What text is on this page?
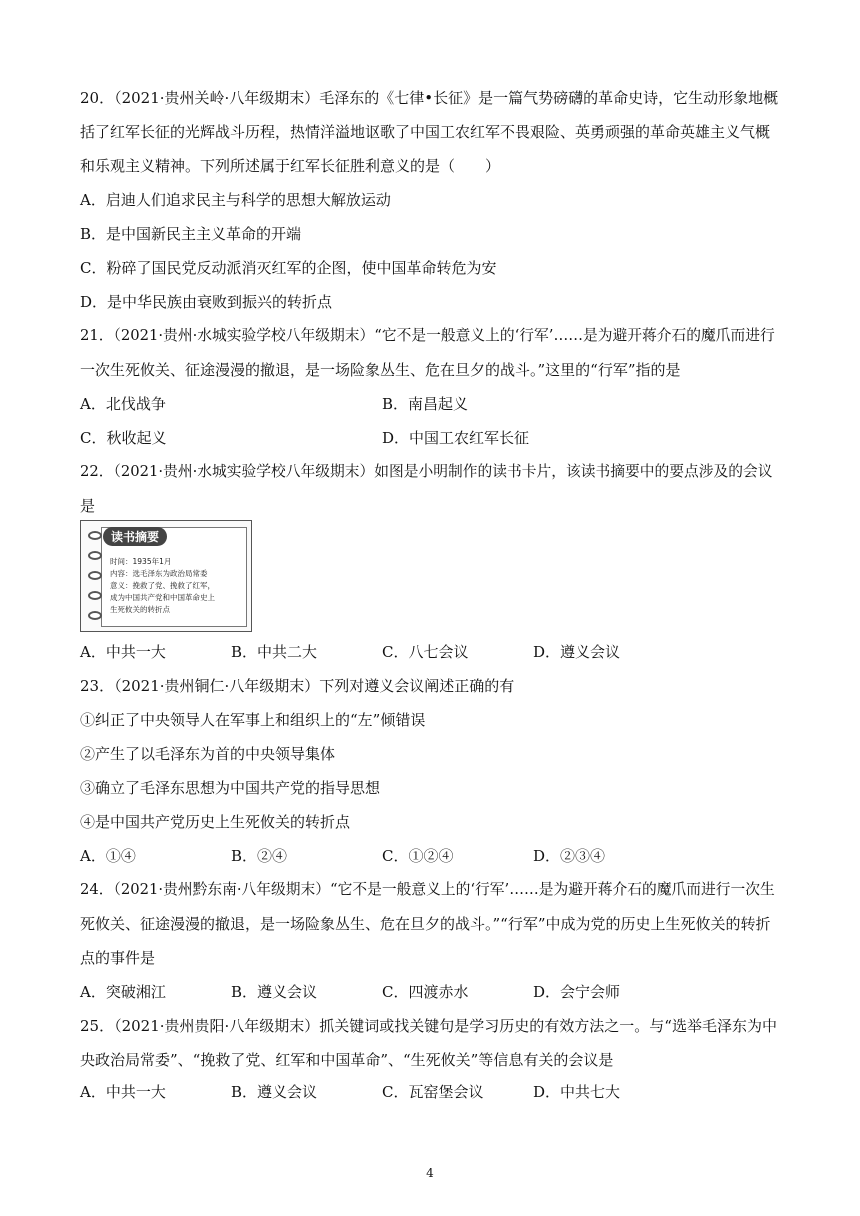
20．（2021·贵州关岭·八年级期末）毛泽东的《七律•长征》是一篇气势磅礴的革命史诗，它生动形象地概
括了红军长征的光辉战斗历程，热情洋溢地讴歌了中国工农红军不畏艰险、英勇顽强的革命英雄主义气概
和乐观主义精神。下列所述属于红军长征胜利意义的是（　　）
A．启迪人们追求民主与科学的思想大解放运动
B．是中国新民主主义革命的开端
C．粉碎了国民党反动派消灭红军的企图，使中国革命转危为安
D．是中华民族由衰败到振兴的转折点
21．（2021·贵州·水城实验学校八年级期末）“它不是一般意义上的‘行军’……是为避开蒋介石的魔爪而进行
一次生死攸关、征途漫漫的撤退，是一场险象丛生、危在旦夕的战斗。”这里的“行军”指的是
A．北伐战争	B．南昌起义
C．秋收起义	D．中国工农红军长征
22．（2021·贵州·水城实验学校八年级期末）如图是小明制作的读书卡片，该读书摘要中的要点涉及的会议
是
读书摘要
时间：1935年1月
内容：选毛泽东为政治局常委
意义：挽救了党、挽救了红军，
成为中国共产党和中国革命史上
生死攸关的转折点
A．中共一大	B．中共二大	C．八七会议	D．遵义会议
23．（2021·贵州铜仁·八年级期末）下列对遵义会议阐述正确的有
①纠正了中央领导人在军事上和组织上的“左”倾错误
②产生了以毛泽东为首的中央领导集体
③确立了毛泽东思想为中国共产党的指导思想
④是中国共产党历史上生死攸关的转折点
A．①④	B．②④	C．①②④	D．②③④
24．（2021·贵州黔东南·八年级期末）“它不是一般意义上的‘行军’……是为避开蒋介石的魔爪而进行一次生
死攸关、征途漫漫的撤退，是一场险象丛生、危在旦夕的战斗。”“行军”中成为党的历史上生死攸关的转折
点的事件是
A．突破湘江	B．遵义会议	C．四渡赤水	D．会宁会师
25．（2021·贵州贵阳·八年级期末）抓关键词或找关键句是学习历史的有效方法之一。与“选举毛泽东为中
央政治局常委”、“挽救了党、红军和中国革命”、“生死攸关”等信息有关的会议是
A．中共一大	B．遵义会议	C．瓦窑堡会议	D．中共七大
4
